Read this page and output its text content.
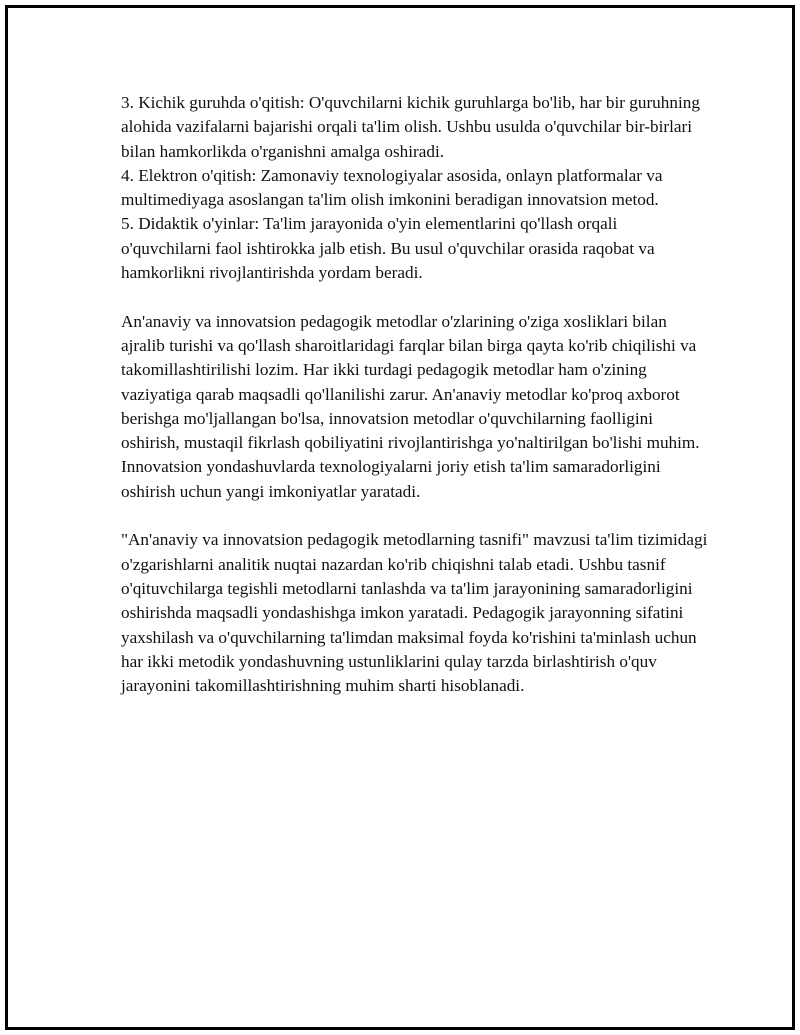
3. Kichik guruhda o'qitish: O'quvchilarni kichik guruhlarga bo'lib, har bir guruhning alohida vazifalarni bajarishi orqali ta'lim olish. Ushbu usulda o'quvchilar bir-birlari bilan hamkorlikda o'rganishni amalga oshiradi.

4. Elektron o'qitish: Zamonaviy texnologiyalar asosida, onlayn platformalar va multimediyaga asoslangan ta'lim olish imkonini beradigan innovatsion metod.

5. Didaktik o'yinlar: Ta'lim jarayonida o'yin elementlarini qo'llash orqali o'quvchilarni faol ishtirokka jalb etish. Bu usul o'quvchilar orasida raqobat va hamkorlikni rivojlantirishda yordam beradi.

An'anaviy va innovatsion pedagogik metodlar o'zlarining o'ziga xosliklari bilan ajralib turishi va qo'llash sharoitlaridagi farqlar bilan birga qayta ko'rib chiqilishi va takomillashtirilishi lozim. Har ikki turdagi pedagogik metodlar ham o'zining vaziyatiga qarab maqsadli qo'llanilishi zarur. An'anaviy metodlar ko'proq axborot berishga mo'ljallangan bo'lsa, innovatsion metodlar o'quvchilarning faolligini oshirish, mustaqil fikrlash qobiliyatini rivojlantirishga yo'naltirilgan bo'lishi muhim. Innovatsion yondashuvlarda texnologiyalarni joriy etish ta'lim samaradorligini oshirish uchun yangi imkoniyatlar yaratadi.

"An'anaviy va innovatsion pedagogik metodlarning tasnifi" mavzusi ta'lim tizimidagi o'zgarishlarni analitik nuqtai nazardan ko'rib chiqishni talab etadi. Ushbu tasnif o'qituvchilarga tegishli metodlarni tanlashda va ta'lim jarayonining samaradorligini oshirishda maqsadli yondashishga imkon yaratadi. Pedagogik jarayonning sifatini yaxshilash va o'quvchilarning ta'limdan maksimal foyda ko'rishini ta'minlash uchun har ikki metodik yondashuvning ustunliklarini qulay tarzda birlashtirish o'quv jarayonini takomillashtirishning muhim sharti hisoblanadi.
